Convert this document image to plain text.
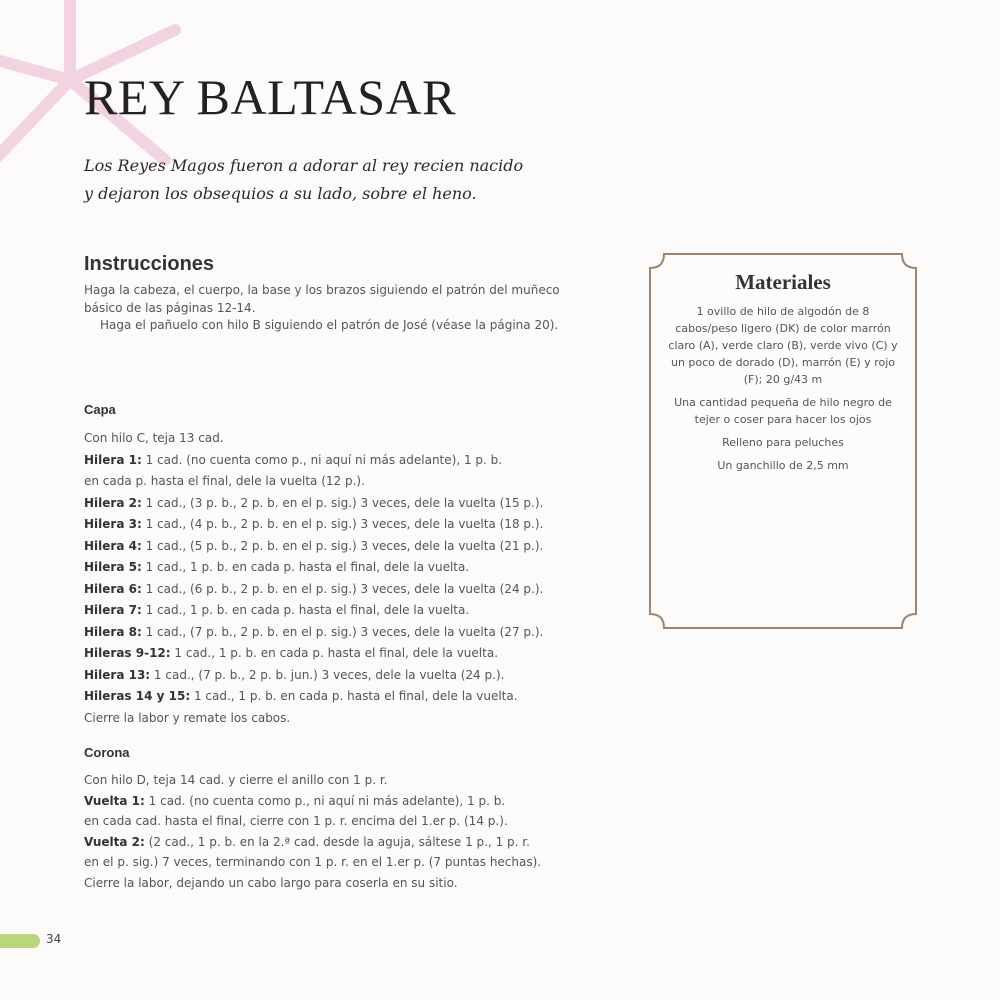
REY BALTASAR
Los Reyes Magos fueron a adorar al rey recien nacido y dejaron los obsequios a su lado, sobre el heno.
Instrucciones

Haga la cabeza, el cuerpo, la base y los brazos siguiendo el patrón del muñeco básico de las páginas 12-14.

Haga el pañuelo con hilo B siguiendo el patrón de José (véase la página 20).

Capa

Con hilo C, teja 13 cad.

Hilera 1: 1 cad. (no cuenta como p., ni aquí ni más adelante), 1 p. b.

en cada p. hasta el final, dele la vuelta (12 p.).

Hilera 2: 1 cad., (3 p. b., 2 p. b. en el p. sig.) 3 veces, dele la vuelta (15 p.).

Hilera 3: 1 cad., (4 p. b., 2 p. b. en el p. sig.) 3 veces, dele la vuelta (18 p.).

Hilera 4: 1 cad., (5 p. b., 2 p. b. en el p. sig.) 3 veces, dele la vuelta (21 p.).

Hilera 5: 1 cad., 1 p. b. en cada p. hasta el final, dele la vuelta.

Hilera 6: 1 cad., (6 p. b., 2 p. b. en el p. sig.) 3 veces, dele la vuelta (24 p.).

Hilera 7: 1 cad., 1 p. b. en cada p. hasta el final, dele la vuelta.

Hilera 8: 1 cad., (7 p. b., 2 p. b. en el p. sig.) 3 veces, dele la vuelta (27 p.).

Hileras 9-12: 1 cad., 1 p. b. en cada p. hasta el final, dele la vuelta.

Hilera 13: 1 cad., (7 p. b., 2 p. b. jun.) 3 veces, dele la vuelta (24 p.).

Hileras 14 y 15: 1 cad., 1 p. b. en cada p. hasta el final, dele la vuelta.

Cierre la labor y remate los cabos.

Corona

Con hilo D, teja 14 cad. y cierre el anillo con 1 p. r.

Vuelta 1: 1 cad. (no cuenta como p., ni aquí ni más adelante), 1 p. b.

en cada cad. hasta el final, cierre con 1 p. r. encima del 1.er p. (14 p.).

Vuelta 2: (2 cad., 1 p. b. en la 2.ª cad. desde la aguja, sáltese 1 p., 1 p. r.

en el p. sig.) 7 veces, terminando con 1 p. r. en el 1.er p. (7 puntas hechas).

Cierre la labor, dejando un cabo largo para coserla en su sitio.

Materiales

1 ovillo de hilo de algodón de 8 cabos/peso ligero (DK) de color marrón claro (A), verde claro (B), verde vivo (C) y un poco de dorado (D), marrón (E) y rojo (F); 20 g/43 m

Una cantidad pequeña de hilo negro de tejer o coser para hacer los ojos

Relleno para peluches

Un ganchillo de 2,5 mm

34
